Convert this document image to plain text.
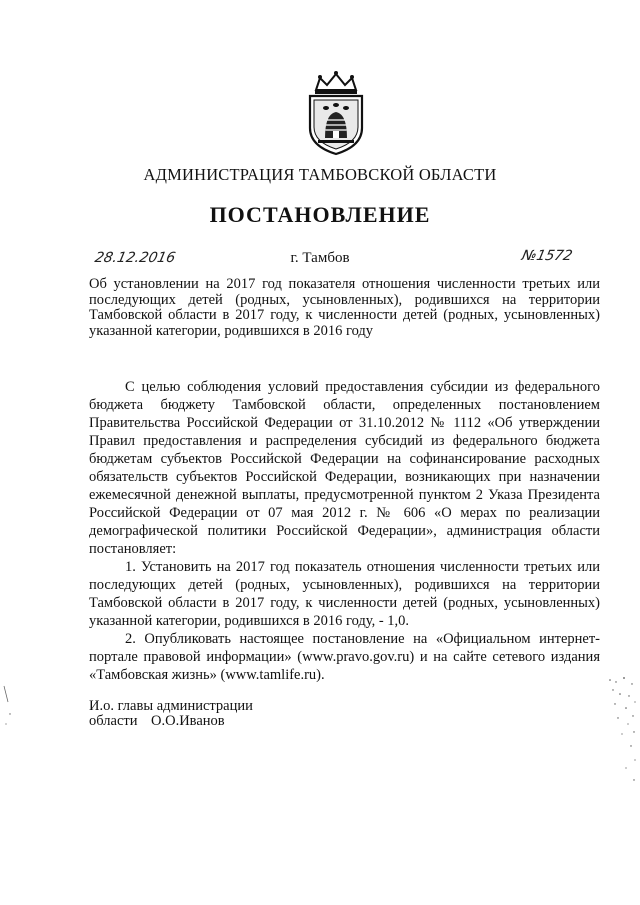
АДМИНИСТРАЦИЯ ТАМБОВСКОЙ ОБЛАСТИ
ПОСТАНОВЛЕНИЕ
28.12.2016	г. Тамбов	№1572
Об установлении на 2017 год показателя отношения численности третьих или последующих детей (родных, усыновленных), родившихся на территории Тамбовской области в 2017 году, к численности детей (родных, усыновленных) указанной категории, родившихся в 2016 году

С целью соблюдения условий предоставления субсидии из федерального бюджета бюджету Тамбовской области, определенных постановлением Правительства Российской Федерации от 31.10.2012 № 1112 «Об утверждении Правил предоставления и распределения субсидий из федерального бюджета бюджетам субъектов Российской Федерации на софинансирование расходных обязательств субъектов Российской Федерации, возникающих при назначении ежемесячной денежной выплаты, предусмотренной пунктом 2 Указа Президента Российской Федерации от 07 мая 2012 г. № 606 «О мерах по реализации демографической политики Российской Федерации», администрация области постановляет:

1. Установить на 2017 год показатель отношения численности третьих или последующих детей (родных, усыновленных), родившихся на территории Тамбовской области в 2017 году, к численности детей (родных, усыновленных) указанной категории, родившихся в 2016 году, - 1,0.

2. Опубликовать настоящее постановление на «Официальном интернет-портале правовой информации» (www.pravo.gov.ru) и на сайте сетевого издания «Тамбовская жизнь» (www.tamlife.ru).

И.о. главы администрации
области О.О.Иванов
